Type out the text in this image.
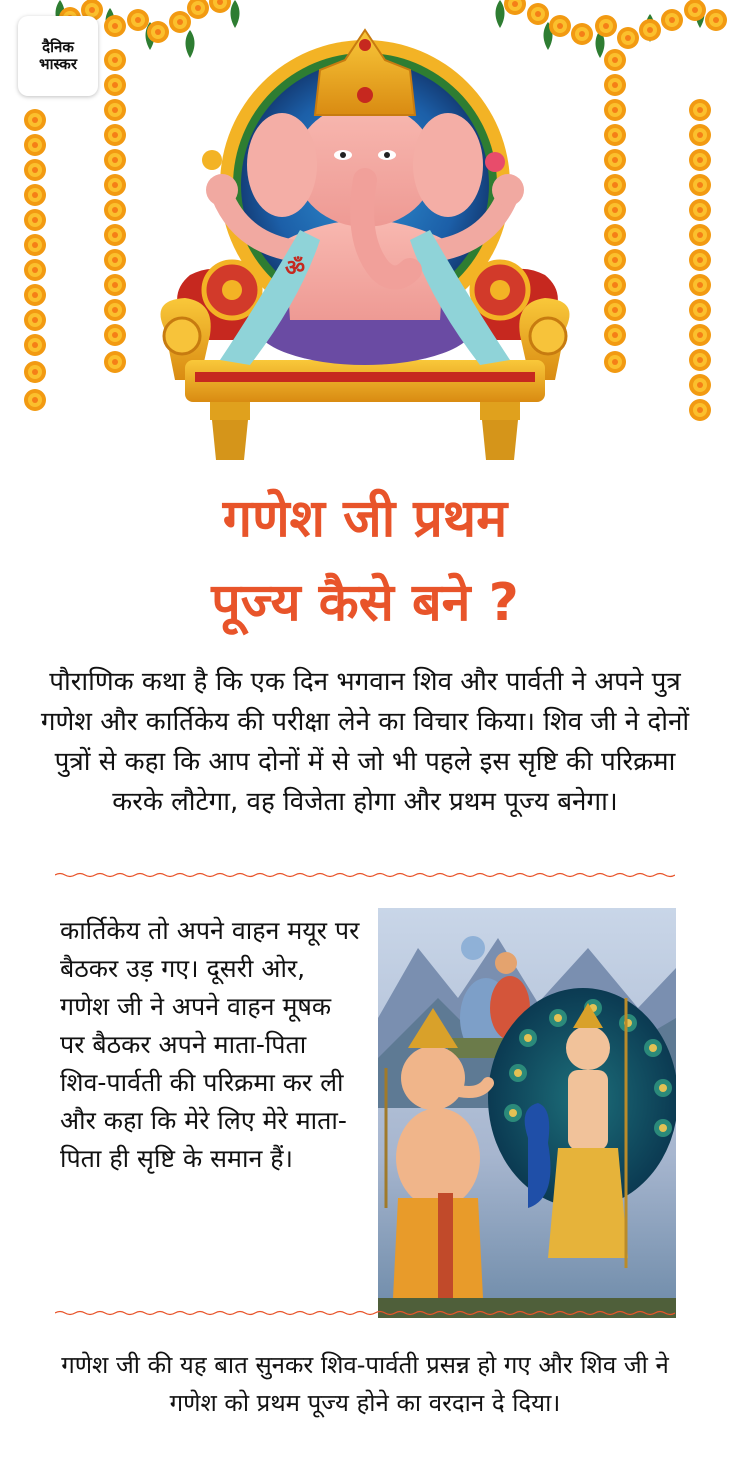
ॐ
दैनिक
भास्कर
गणेश जी प्रथम
पूज्य कैसे बने ?
पौराणिक कथा है कि एक दिन भगवान शिव और पार्वती ने अपने पुत्र गणेश और कार्तिकेय की परीक्षा लेने का विचार किया। शिव जी ने दोनों पुत्रों से कहा कि आप दोनों में से जो भी पहले इस सृष्टि की परिक्रमा करके लौटेगा, वह विजेता होगा और प्रथम पूज्य बनेगा।
कार्तिकेय तो अपने वाहन मयूर पर बैठकर उड़ गए। दूसरी ओर, गणेश जी ने अपने वाहन मूषक पर बैठकर अपने माता-पिता शिव-पार्वती की परिक्रमा कर ली और कहा कि मेरे लिए मेरे माता-पिता ही सृष्टि के समान हैं।
गणेश जी की यह बात सुनकर शिव-पार्वती प्रसन्न हो गए और शिव जी ने गणेश को प्रथम पूज्य होने का वरदान दे दिया।
